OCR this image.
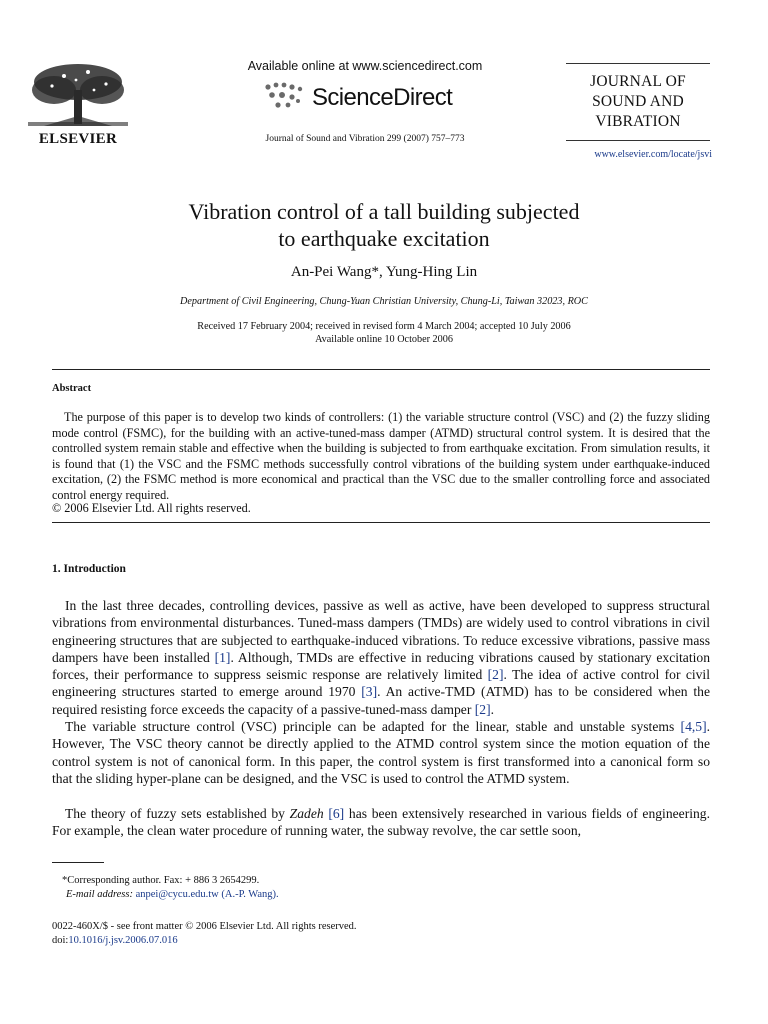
ELSEVIER
Available online at www.sciencedirect.com
ScienceDirect
Journal of Sound and Vibration 299 (2007) 757–773
JOURNAL OF
SOUND AND
VIBRATION
www.elsevier.com/locate/jsvi
Vibration control of a tall building subjected
to earthquake excitation
An-Pei Wang*, Yung-Hing Lin
Department of Civil Engineering, Chung-Yuan Christian University, Chung-Li, Taiwan 32023, ROC
Received 17 February 2004; received in revised form 4 March 2004; accepted 10 July 2006
Available online 10 October 2006
Abstract
The purpose of this paper is to develop two kinds of controllers: (1) the variable structure control (VSC) and (2) the fuzzy sliding mode control (FSMC), for the building with an active-tuned-mass damper (ATMD) structural control system. It is desired that the controlled system remain stable and effective when the building is subjected to from earthquake excitation. From simulation results, it is found that (1) the VSC and the FSMC methods successfully control vibrations of the building system under earthquake-induced excitation, (2) the FSMC method is more economical and practical than the VSC due to the smaller controlling force and associated control energy required.
© 2006 Elsevier Ltd. All rights reserved.
1. Introduction

In the last three decades, controlling devices, passive as well as active, have been developed to suppress structural vibrations from environmental disturbances. Tuned-mass dampers (TMDs) are widely used to control vibrations in civil engineering structures that are subjected to earthquake-induced vibrations. To reduce excessive vibrations, passive mass dampers have been installed [1]. Although, TMDs are effective in reducing vibrations caused by stationary excitation forces, their performance to suppress seismic response are relatively limited [2]. The idea of active control for civil engineering structures started to emerge around 1970 [3]. An active-TMD (ATMD) has to be considered when the required resisting force exceeds the capacity of a passive-tuned-mass damper [2].

The variable structure control (VSC) principle can be adapted for the linear, stable and unstable systems [4,5]. However, The VSC theory cannot be directly applied to the ATMD control system since the motion equation of the control system is not of canonical form. In this paper, the control system is first transformed into a canonical form so that the sliding hyper-plane can be designed, and the VSC is used to control the ATMD system.

The theory of fuzzy sets established by Zadeh [6] has been extensively researched in various fields of engineering. For example, the clean water procedure of running water, the subway revolve, the car settle soon,

*Corresponding author. Fax: + 886 3 2654299.
E-mail address: anpei@cycu.edu.tw (A.-P. Wang).
0022-460X/$ - see front matter © 2006 Elsevier Ltd. All rights reserved.
doi:10.1016/j.jsv.2006.07.016
